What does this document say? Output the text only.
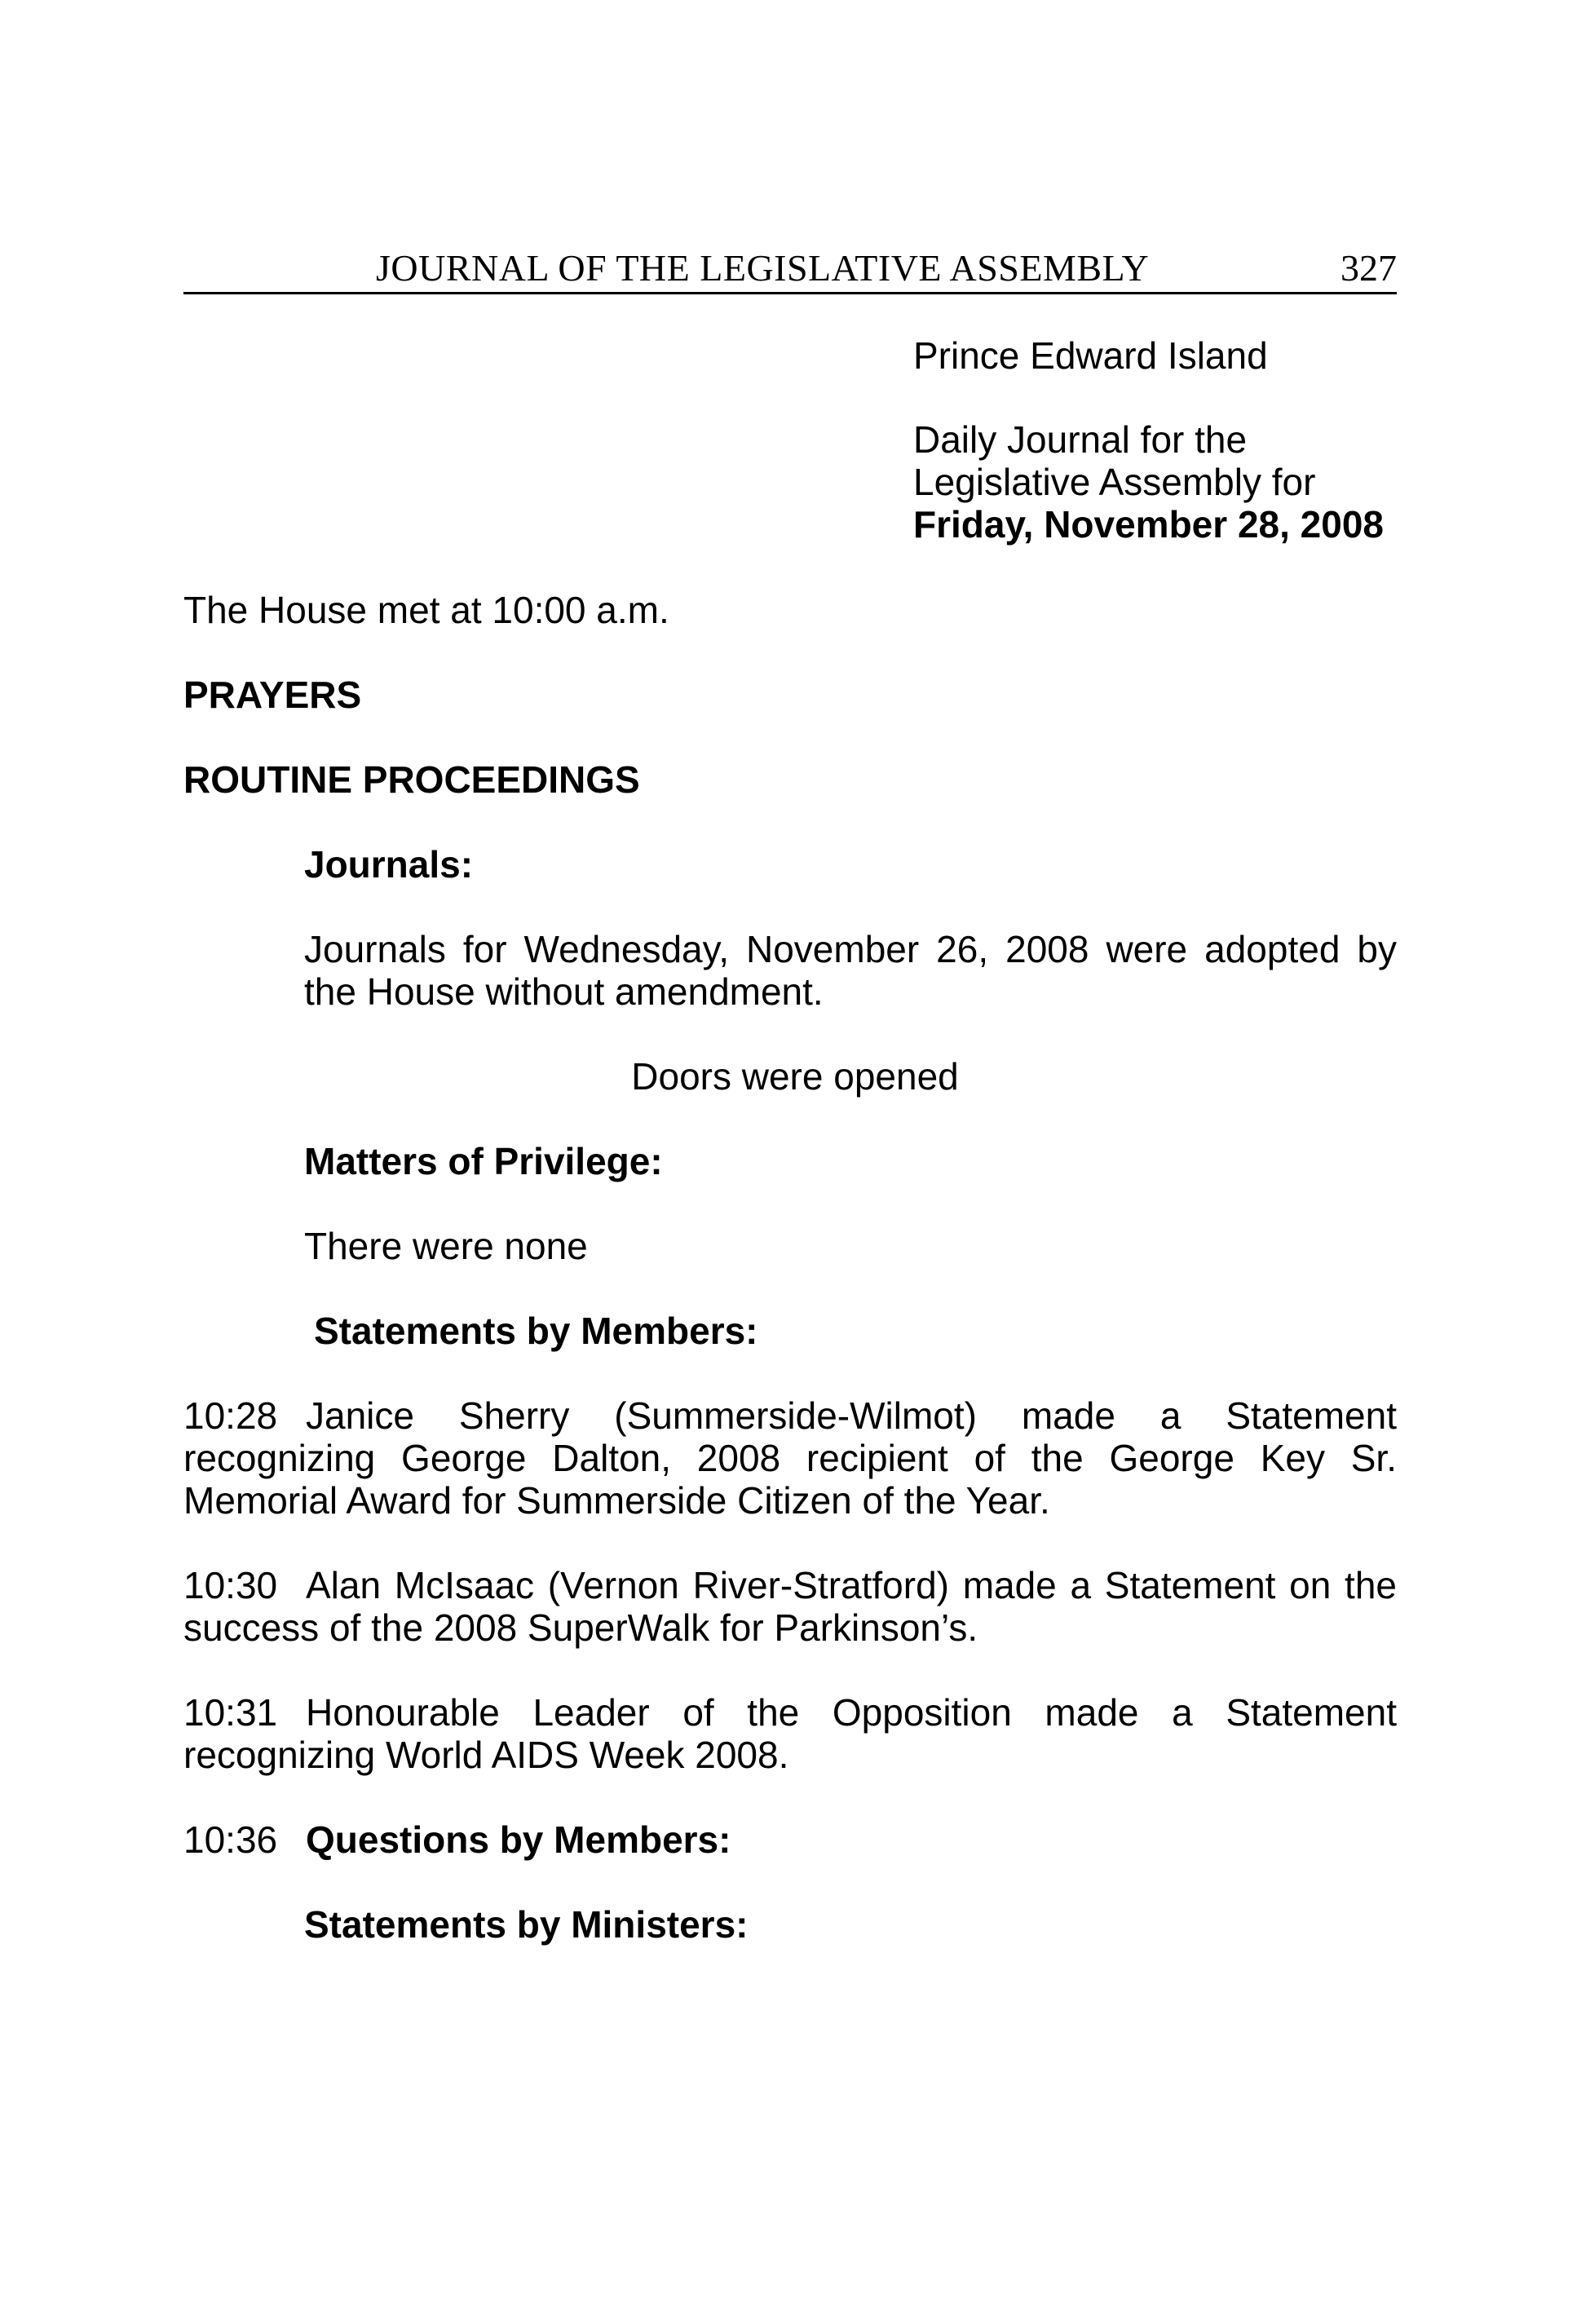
JOURNAL OF THE LEGISLATIVE ASSEMBLY	327
Prince Edward Island
Daily Journal for the
Legislative Assembly for
Friday, November 28, 2008
The House met at 10:00 a.m.
PRAYERS
ROUTINE PROCEEDINGS
Journals:
Journals for Wednesday, November 26, 2008 were adopted by the House without amendment.
Doors were opened
Matters of Privilege:
There were none
Statements by Members:
10:28 Janice Sherry (Summerside-Wilmot) made a Statement recognizing George Dalton, 2008 recipient of the George Key Sr. Memorial Award for Summerside Citizen of the Year.
10:30 Alan McIsaac (Vernon River-Stratford) made a Statement on the success of the 2008 SuperWalk for Parkinson’s.
10:31 Honourable Leader of the Opposition made a Statement recognizing World AIDS Week 2008.
10:36 Questions by Members:
Statements by Ministers:
